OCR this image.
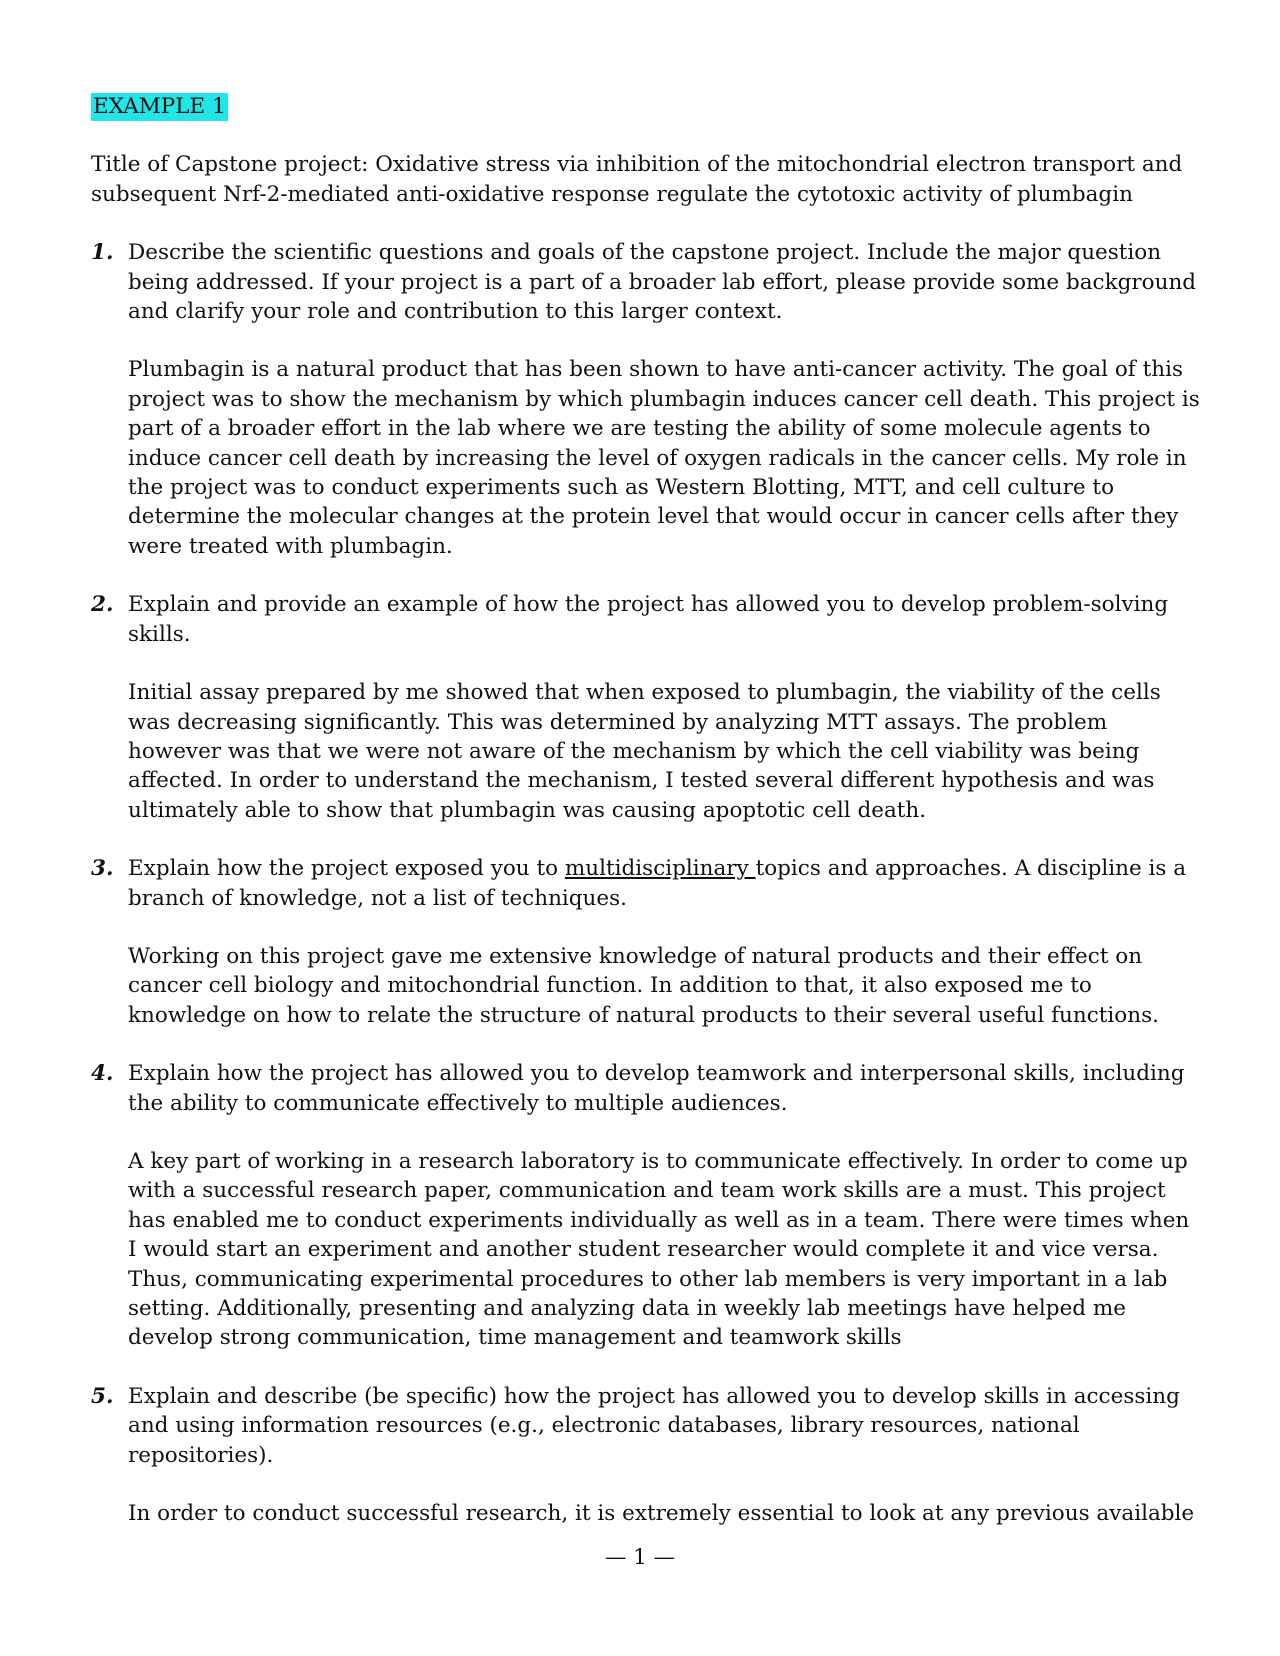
EXAMPLE 1
Title of Capstone project: Oxidative stress via inhibition of the mitochondrial electron transport and subsequent Nrf-2-mediated anti-oxidative response regulate the cytotoxic activity of plumbagin
1. Describe the scientific questions and goals of the capstone project. Include the major question being addressed. If your project is a part of a broader lab effort, please provide some background and clarify your role and contribution to this larger context.
Plumbagin is a natural product that has been shown to have anti-cancer activity. The goal of this project was to show the mechanism by which plumbagin induces cancer cell death. This project is part of a broader effort in the lab where we are testing the ability of some molecule agents to induce cancer cell death by increasing the level of oxygen radicals in the cancer cells. My role in the project was to conduct experiments such as Western Blotting, MTT, and cell culture to determine the molecular changes at the protein level that would occur in cancer cells after they were treated with plumbagin.
2. Explain and provide an example of how the project has allowed you to develop problem-solving skills.
Initial assay prepared by me showed that when exposed to plumbagin, the viability of the cells was decreasing significantly. This was determined by analyzing MTT assays. The problem however was that we were not aware of the mechanism by which the cell viability was being affected. In order to understand the mechanism, I tested several different hypothesis and was ultimately able to show that plumbagin was causing apoptotic cell death.
3. Explain how the project exposed you to multidisciplinary topics and approaches. A discipline is a branch of knowledge, not a list of techniques.
Working on this project gave me extensive knowledge of natural products and their effect on cancer cell biology and mitochondrial function. In addition to that, it also exposed me to knowledge on how to relate the structure of natural products to their several useful functions.
4. Explain how the project has allowed you to develop teamwork and interpersonal skills, including the ability to communicate effectively to multiple audiences.
A key part of working in a research laboratory is to communicate effectively. In order to come up with a successful research paper, communication and team work skills are a must. This project has enabled me to conduct experiments individually as well as in a team. There were times when I would start an experiment and another student researcher would complete it and vice versa. Thus, communicating experimental procedures to other lab members is very important in a lab setting. Additionally, presenting and analyzing data in weekly lab meetings have helped me develop strong communication, time management and teamwork skills
5. Explain and describe (be specific) how the project has allowed you to develop skills in accessing and using information resources (e.g., electronic databases, library resources, national repositories).
In order to conduct successful research, it is extremely essential to look at any previous available
— 1 —
